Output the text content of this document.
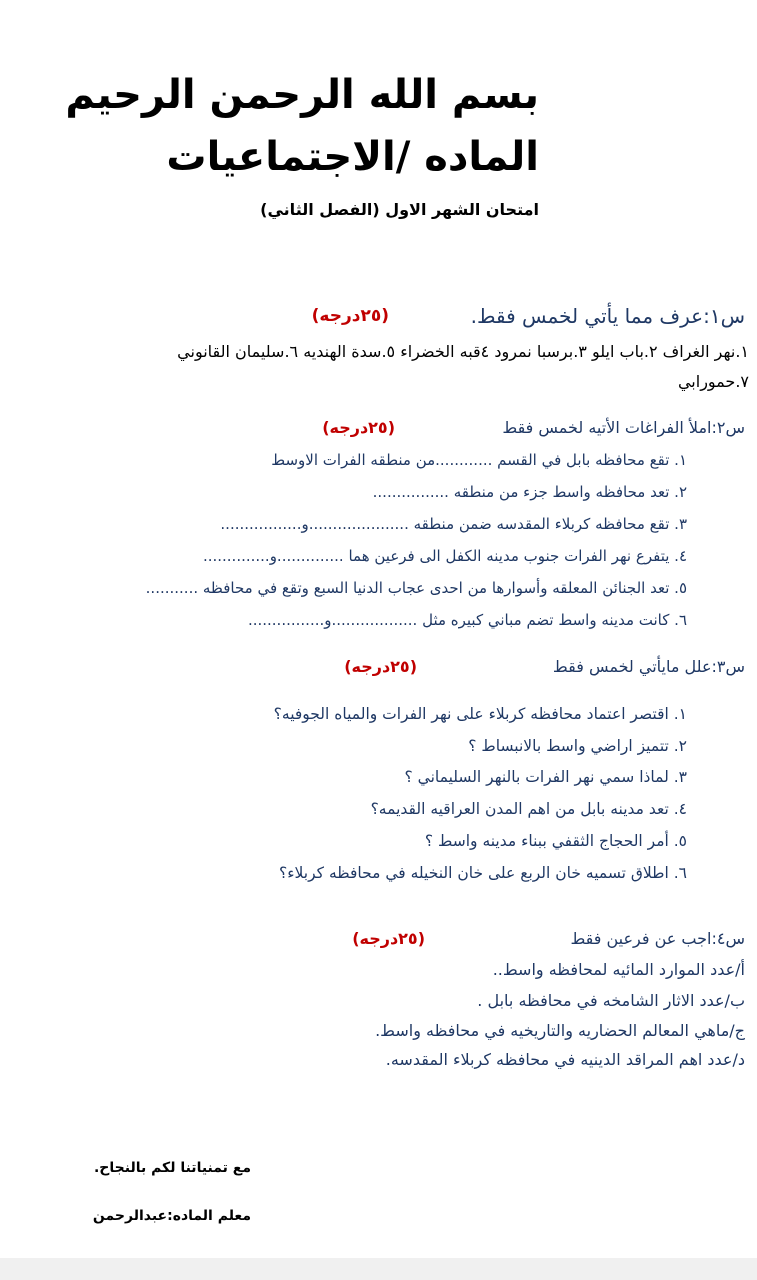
بسم الله الرحمن الرحيم
الماده /الاجتماعيات
امتحان الشهر الاول (الفصل الثاني)
س١:عرف مما يأتي لخمس فقط.
(٢٥درجه)
١.نهر الغراف ٢.باب ايلو ٣.برسبا نمرود ٤قبه الخضراء ٥.سدة الهنديه ٦.سليمان القانوني
٧.حمورابي
س٢:املأ الفراغات الأتيه لخمس فقط
(٢٥درجه)
١. تقع محافظه بابل في القسم ............من منطقه الفرات الاوسط
٢. تعد محافظه واسط جزء من منطقه ................
٣. تقع محافظه كربلاء المقدسه ضمن منطقه .....................و.................
٤. يتفرع نهر الفرات جنوب مدينه الكفل الى فرعين هما ..............و..............
٥. تعد الجنائن المعلقه وأسوارها من احدى عجاب الدنيا السبع وتقع في محافظه ...........
٦. كانت مدينه واسط تضم مباني كبيره مثل ..................و................
س٣:علل مايأتي لخمس فقط
(٢٥درجه)
١. اقتصر اعتماد محافظه كربلاء على نهر الفرات والمياه الجوفيه؟
٢. تتميز اراضي واسط بالانبساط ؟
٣. لماذا سمي نهر الفرات بالنهر السليماني ؟
٤. تعد مدينه بابل من اهم المدن العراقيه القديمه؟
٥. أمر الحجاج الثقفي ببناء مدينه واسط ؟
٦. اطلاق تسميه خان الربع على خان النخيله في محافظه كربلاء؟
س٤:اجب عن فرعين فقط
(٢٥درجه)
أ/عدد الموارد المائيه لمحافظه واسط..
ب/عدد الاثار الشامخه في محافظه بابل .
ج/ماهي المعالم الحضاريه والتاريخيه في محافظه واسط.
د/عدد اهم المراقد الدينيه في محافظه كربلاء المقدسه.
مع تمنياتنا لكم بالنجاح.
معلم الماده:عبدالرحمن
